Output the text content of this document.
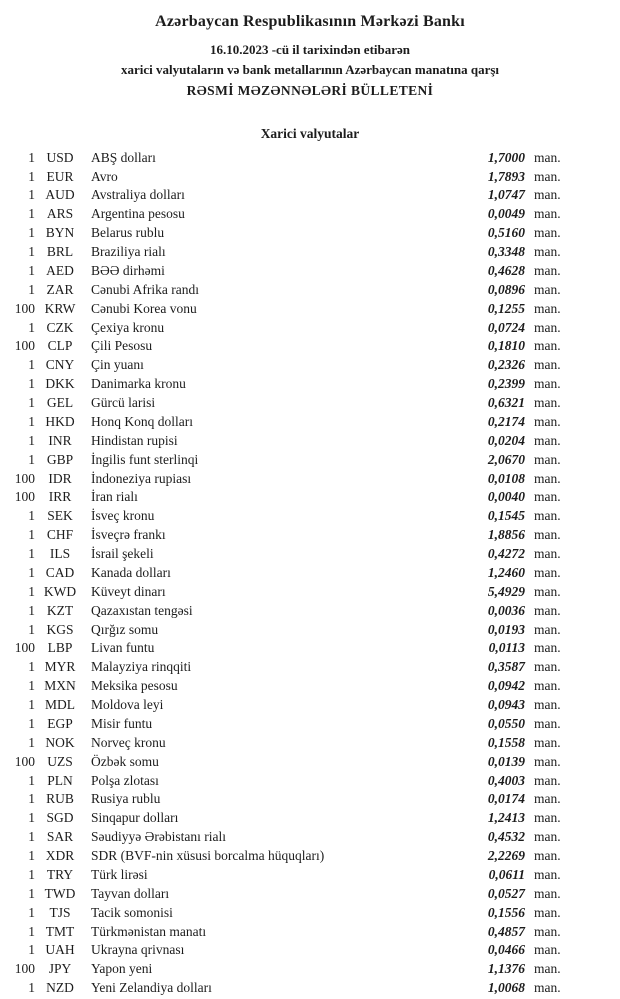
Azərbaycan Respublikasının Mərkəzi Bankı
16.10.2023 -cü il tarixindən etibarən
xarici valyutaların və bank metallarının Azərbaycan manatına qarşı
RƏSMİ MƏZƏNNƏLƏRİ BÜLLETENİ
Xarici valyutalar
1	USD	ABŞ dolları	1,7000	man.
1	EUR	Avro	1,7893	man.
1	AUD	Avstraliya dolları	1,0747	man.
1	ARS	Argentina pesosu	0,0049	man.
1	BYN	Belarus rublu	0,5160	man.
1	BRL	Braziliya rialı	0,3348	man.
1	AED	BƏƏ dirhəmi	0,4628	man.
1	ZAR	Cənubi Afrika randı	0,0896	man.
100	KRW	Cənubi Korea vonu	0,1255	man.
1	CZK	Çexiya kronu	0,0724	man.
100	CLP	Çili Pesosu	0,1810	man.
1	CNY	Çin yuanı	0,2326	man.
1	DKK	Danimarka kronu	0,2399	man.
1	GEL	Gürcü larisi	0,6321	man.
1	HKD	Honq Konq dolları	0,2174	man.
1	INR	Hindistan rupisi	0,0204	man.
1	GBP	İngilis funt sterlinqi	2,0670	man.
100	IDR	İndoneziya rupiası	0,0108	man.
100	IRR	İran rialı	0,0040	man.
1	SEK	İsveç kronu	0,1545	man.
1	CHF	İsveçrə frankı	1,8856	man.
1	ILS	İsrail şekeli	0,4272	man.
1	CAD	Kanada dolları	1,2460	man.
1	KWD	Küveyt dinarı	5,4929	man.
1	KZT	Qazaxıstan tengəsi	0,0036	man.
1	KGS	Qırğız somu	0,0193	man.
100	LBP	Livan funtu	0,0113	man.
1	MYR	Malayziya rinqqiti	0,3587	man.
1	MXN	Meksika pesosu	0,0942	man.
1	MDL	Moldova leyi	0,0943	man.
1	EGP	Misir funtu	0,0550	man.
1	NOK	Norveç kronu	0,1558	man.
100	UZS	Özbək somu	0,0139	man.
1	PLN	Polşa zlotası	0,4003	man.
1	RUB	Rusiya rublu	0,0174	man.
1	SGD	Sinqapur dolları	1,2413	man.
1	SAR	Səudiyyə Ərəbistanı rialı	0,4532	man.
1	XDR	SDR (BVF-nin xüsusi borcalma hüquqları)	2,2269	man.
1	TRY	Türk lirəsi	0,0611	man.
1	TWD	Tayvan dolları	0,0527	man.
1	TJS	Tacik somonisi	0,1556	man.
1	TMT	Türkmənistan manatı	0,4857	man.
1	UAH	Ukrayna qrivnası	0,0466	man.
100	JPY	Yapon yeni	1,1376	man.
1	NZD	Yeni Zelandiya dolları	1,0068	man.
